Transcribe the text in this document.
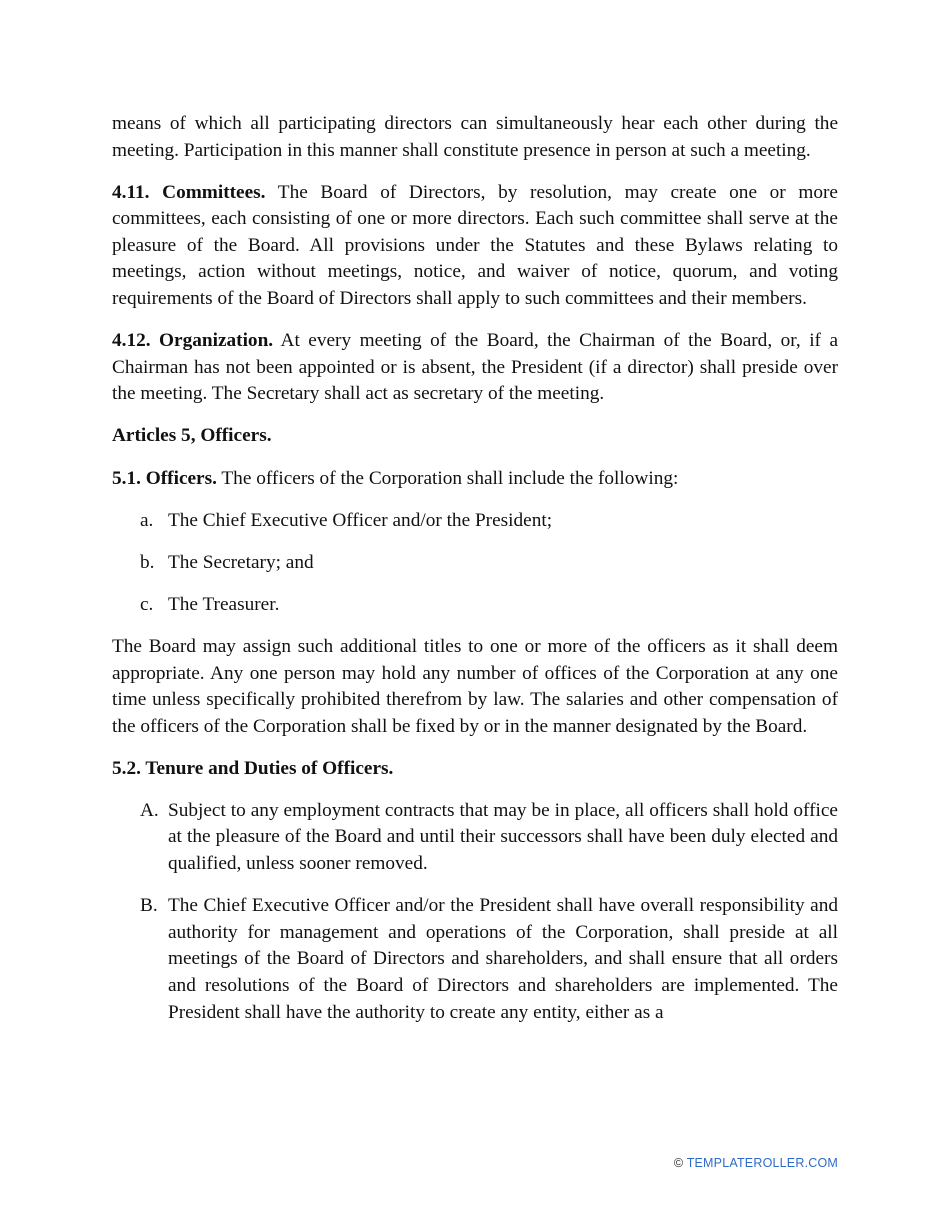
means of which all participating directors can simultaneously hear each other during the meeting. Participation in this manner shall constitute presence in person at such a meeting.

4.11. Committees. The Board of Directors, by resolution, may create one or more committees, each consisting of one or more directors. Each such committee shall serve at the pleasure of the Board. All provisions under the Statutes and these Bylaws relating to meetings, action without meetings, notice, and waiver of notice, quorum, and voting requirements of the Board of Directors shall apply to such committees and their members.

4.12. Organization. At every meeting of the Board, the Chairman of the Board, or, if a Chairman has not been appointed or is absent, the President (if a director) shall preside over the meeting. The Secretary shall act as secretary of the meeting.

Articles 5, Officers.

5.1. Officers. The officers of the Corporation shall include the following:

a. The Chief Executive Officer and/or the President;
b. The Secretary; and
c. The Treasurer.

The Board may assign such additional titles to one or more of the officers as it shall deem appropriate. Any one person may hold any number of offices of the Corporation at any one time unless specifically prohibited therefrom by law. The salaries and other compensation of the officers of the Corporation shall be fixed by or in the manner designated by the Board.

5.2. Tenure and Duties of Officers.

A. Subject to any employment contracts that may be in place, all officers shall hold office at the pleasure of the Board and until their successors shall have been duly elected and qualified, unless sooner removed.
B. The Chief Executive Officer and/or the President shall have overall responsibility and authority for management and operations of the Corporation, shall preside at all meetings of the Board of Directors and shareholders, and shall ensure that all orders and resolutions of the Board of Directors and shareholders are implemented. The President shall have the authority to create any entity, either as a
© TEMPLATEROLLER.COM
